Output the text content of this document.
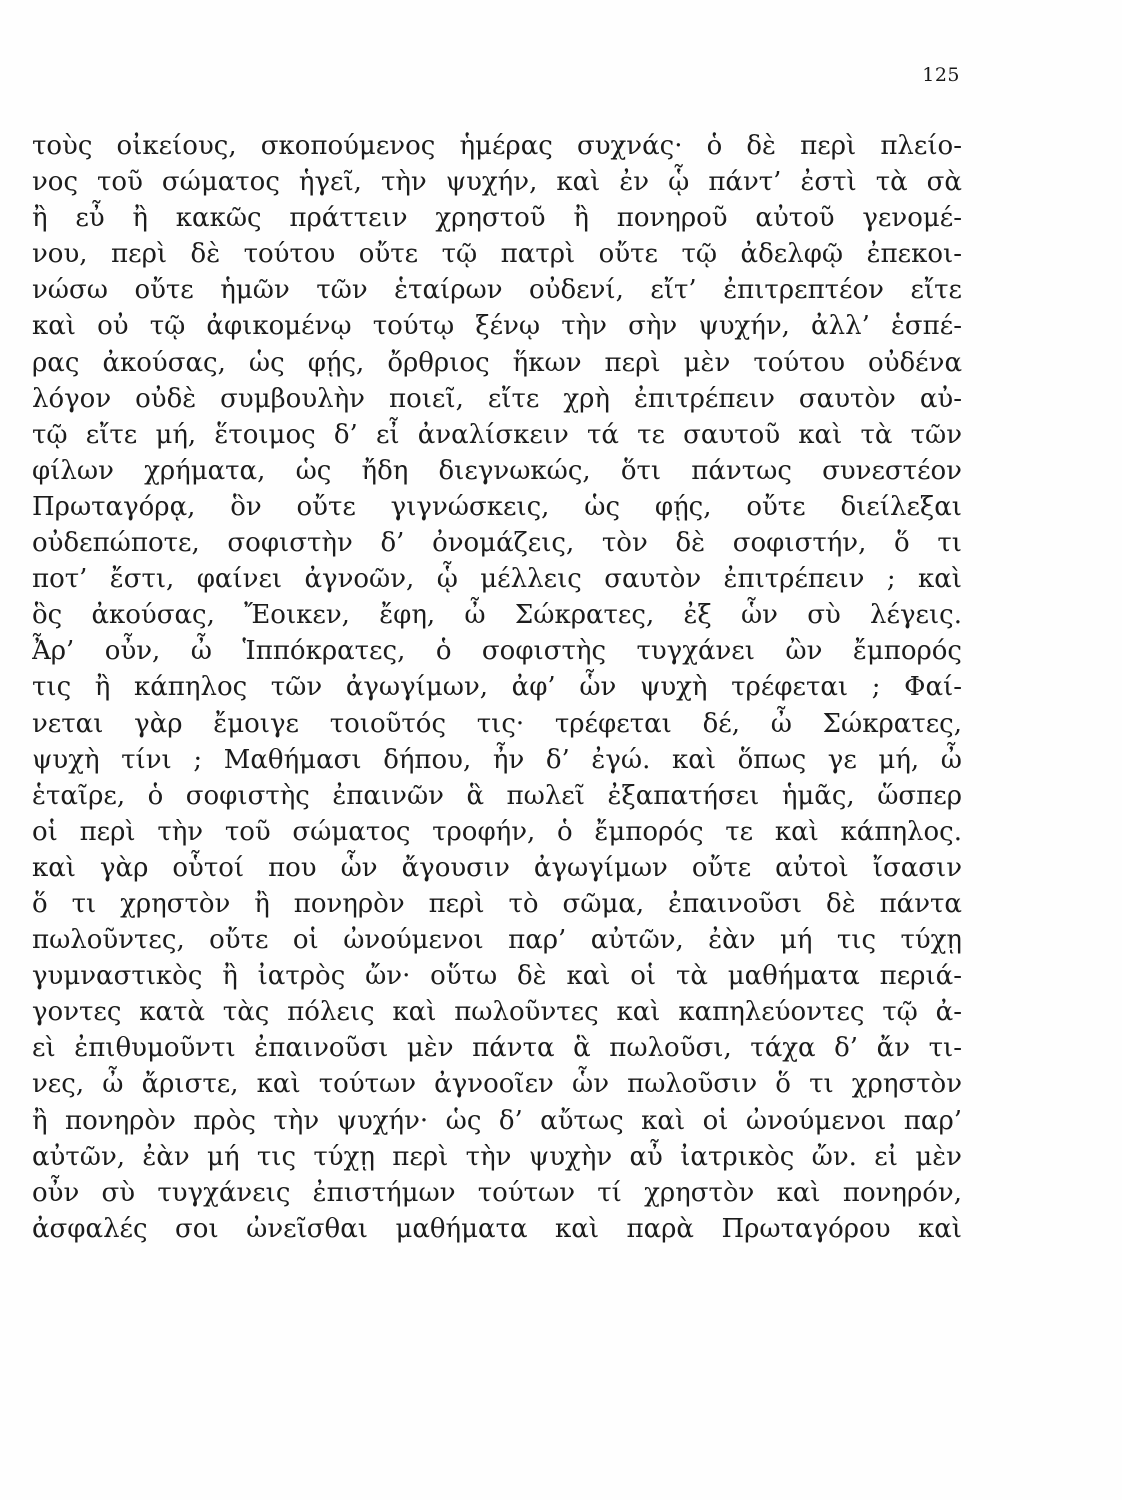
125
τοὺς οἰκείους, σκοπούμενος ἡμέρας συχνάς· ὁ δὲ περὶ πλείο-
νος τοῦ σώματος ἡγεῖ, τὴν ψυχήν, καὶ ἐν ᾧ πάντ’ ἐστὶ τὰ σὰ
ἢ εὖ ἢ κακῶς πράττειν χρηστοῦ ἢ πονηροῦ αὐτοῦ γενομέ-
νου, περὶ δὲ τούτου οὔτε τῷ πατρὶ οὔτε τῷ ἀδελφῷ ἐπεκοι-
νώσω οὔτε ἡμῶν τῶν ἑταίρων οὐδενί, εἴτ’ ἐπιτρεπτέον εἴτε
καὶ οὐ τῷ ἀφικομένῳ τούτῳ ξένῳ τὴν σὴν ψυχήν, ἀλλ’ ἑσπέ-
ρας ἀκούσας, ὡς φῄς, ὄρθριος ἥκων περὶ μὲν τούτου οὐδένα
λόγον οὐδὲ συμβουλὴν ποιεῖ, εἴτε χρὴ ἐπιτρέπειν σαυτὸν αὐ-
τῷ εἴτε μή, ἕτοιμος δ’ εἶ ἀναλίσκειν τά τε σαυτοῦ καὶ τὰ τῶν
φίλων χρήματα, ὡς ἤδη διεγνωκώς, ὅτι πάντως συνεστέον
Πρωταγόρᾳ, ὃν οὔτε γιγνώσκεις, ὡς φῄς, οὔτε διείλεξαι
οὐδεπώποτε, σοφιστὴν δ’ ὀνομάζεις, τὸν δὲ σοφιστήν, ὅ τι
ποτ’ ἔστι, φαίνει ἀγνοῶν, ᾧ μέλλεις σαυτὸν ἐπιτρέπειν ; καὶ
ὃς ἀκούσας, Ἔοικεν, ἔφη, ὦ Σώκρατες, ἐξ ὧν σὺ λέγεις.
Ἆρ’ οὖν, ὦ Ἱππόκρατες, ὁ σοφιστὴς τυγχάνει ὢν ἔμπορός
τις ἢ κάπηλος τῶν ἀγωγίμων, ἀφ’ ὧν ψυχὴ τρέφεται ; Φαί-
νεται γὰρ ἔμοιγε τοιοῦτός τις· τρέφεται δέ, ὦ Σώκρατες,
ψυχὴ τίνι ; Μαθήμασι δήπου, ἦν δ’ ἐγώ. καὶ ὅπως γε μή, ὦ
ἑταῖρε, ὁ σοφιστὴς ἐπαινῶν ἃ πωλεῖ ἐξαπατήσει ἡμᾶς, ὥσπερ
οἱ περὶ τὴν τοῦ σώματος τροφήν, ὁ ἔμπορός τε καὶ κάπηλος.
καὶ γὰρ οὗτοί που ὧν ἄγουσιν ἀγωγίμων οὔτε αὐτοὶ ἴσασιν
ὅ τι χρηστὸν ἢ πονηρὸν περὶ τὸ σῶμα, ἐπαινοῦσι δὲ πάντα
πωλοῦντες, οὔτε οἱ ὠνούμενοι παρ’ αὐτῶν, ἐὰν μή τις τύχῃ
γυμναστικὸς ἢ ἰατρὸς ὤν· οὕτω δὲ καὶ οἱ τὰ μαθήματα περιά-
γοντες κατὰ τὰς πόλεις καὶ πωλοῦντες καὶ καπηλεύοντες τῷ ἀ-
εὶ ἐπιθυμοῦντι ἐπαινοῦσι μὲν πάντα ἃ πωλοῦσι, τάχα δ’ ἄν τι-
νες, ὦ ἄριστε, καὶ τούτων ἀγνοοῖεν ὧν πωλοῦσιν ὅ τι χρηστὸν
ἢ πονηρὸν πρὸς τὴν ψυχήν· ὡς δ’ αὔτως καὶ οἱ ὠνούμενοι παρ’
αὐτῶν, ἐὰν μή τις τύχῃ περὶ τὴν ψυχὴν αὖ ἰατρικὸς ὤν. εἰ μὲν
οὖν σὺ τυγχάνεις ἐπιστήμων τούτων τί χρηστὸν καὶ πονηρόν,
ἀσφαλές σοι ὠνεῖσθαι μαθήματα καὶ παρὰ Πρωταγόρου καὶ
